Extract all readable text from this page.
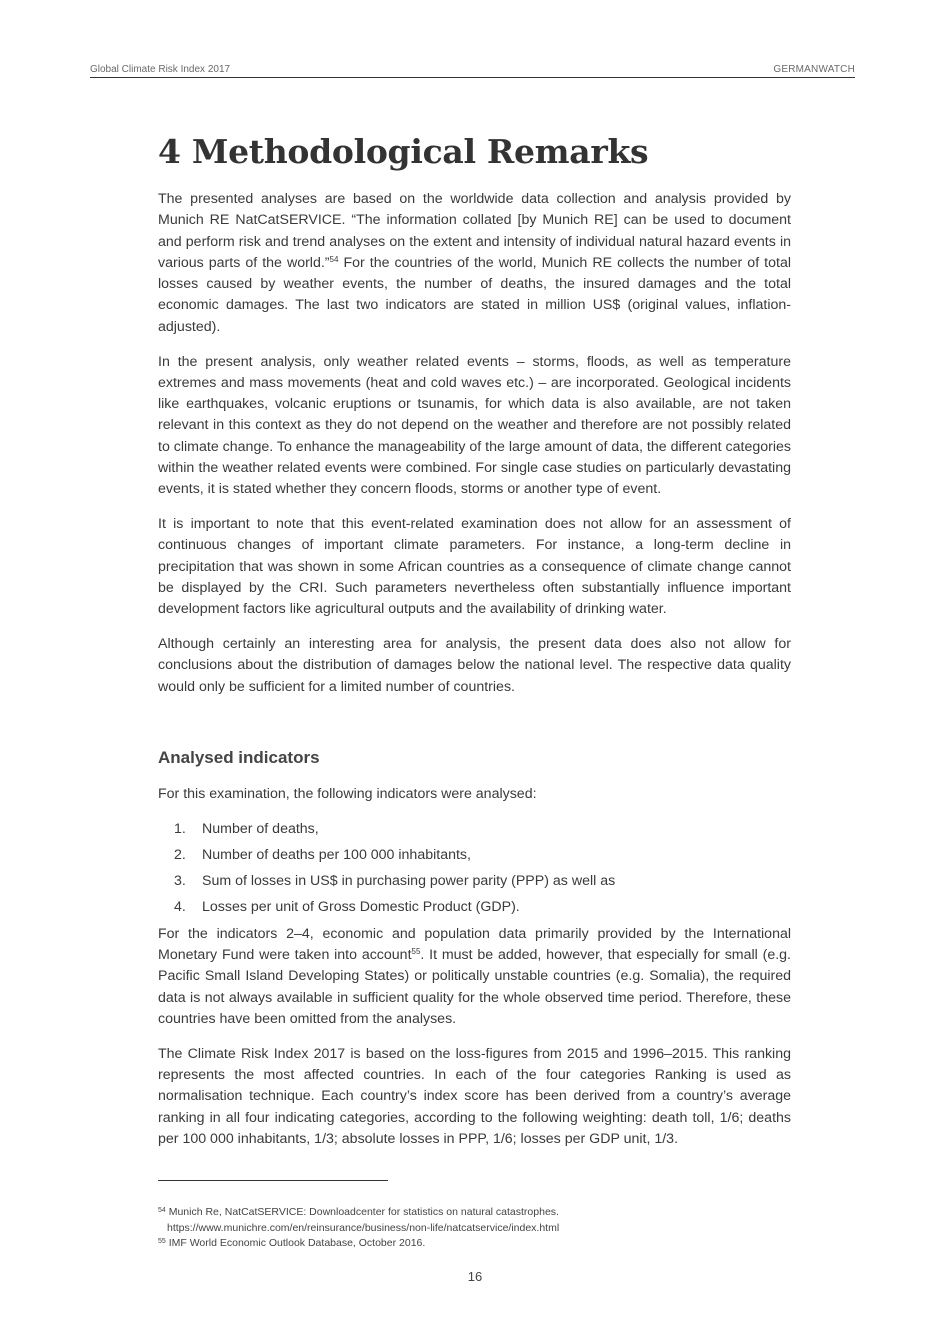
Global Climate Risk Index 2017	GERMANWATCH
4 Methodological Remarks

The presented analyses are based on the worldwide data collection and analysis provided by Munich RE NatCatSERVICE. “The information collated [by Munich RE] can be used to document and perform risk and trend analyses on the extent and intensity of individual natural hazard events in various parts of the world.”$^{54}$ For the countries of the world, Munich RE collects the number of total losses caused by weather events, the number of deaths, the insured damages and the total economic damages. The last two indicators are stated in million US$ (original values, inflation-adjusted).

In the present analysis, only weather related events – storms, floods, as well as temperature extremes and mass movements (heat and cold waves etc.) – are incorporated. Geological incidents like earthquakes, volcanic eruptions or tsunamis, for which data is also available, are not taken relevant in this context as they do not depend on the weather and therefore are not possibly related to climate change. To enhance the manageability of the large amount of data, the different categories within the weather related events were combined. For single case studies on particularly devastating events, it is stated whether they concern floods, storms or another type of event.

It is important to note that this event-related examination does not allow for an assessment of continuous changes of important climate parameters. For instance, a long-term decline in precipitation that was shown in some African countries as a consequence of climate change cannot be displayed by the CRI. Such parameters nevertheless often substantially influence important development factors like agricultural outputs and the availability of drinking water.

Although certainly an interesting area for analysis, the present data does also not allow for conclusions about the distribution of damages below the national level. The respective data quality would only be sufficient for a limited number of countries.

Analysed indicators

For this examination, the following indicators were analysed:

1.	Number of deaths,
2.	Number of deaths per 100 000 inhabitants,
3.	Sum of losses in US$ in purchasing power parity (PPP) as well as
4.	Losses per unit of Gross Domestic Product (GDP).

For the indicators 2–4, economic and population data primarily provided by the International Monetary Fund were taken into account$^{55}$. It must be added, however, that especially for small (e.g. Pacific Small Island Developing States) or politically unstable countries (e.g. Somalia), the required data is not always available in sufficient quality for the whole observed time period. Therefore, these countries have been omitted from the analyses.

The Climate Risk Index 2017 is based on the loss-figures from 2015 and 1996–2015. This ranking represents the most affected countries. In each of the four categories Ranking is used as normalisation technique. Each country’s index score has been derived from a country’s average ranking in all four indicating categories, according to the following weighting: death toll, 1/6; deaths per 100 000 inhabitants, 1/3; absolute losses in PPP, 1/6; losses per GDP unit, 1/3.

$^{54}$ Munich Re, NatCatSERVICE: Downloadcenter for statistics on natural catastrophes.
https://www.munichre.com/en/reinsurance/business/non-life/natcatservice/index.html
$^{55}$ IMF World Economic Outlook Database, October 2016.
16
